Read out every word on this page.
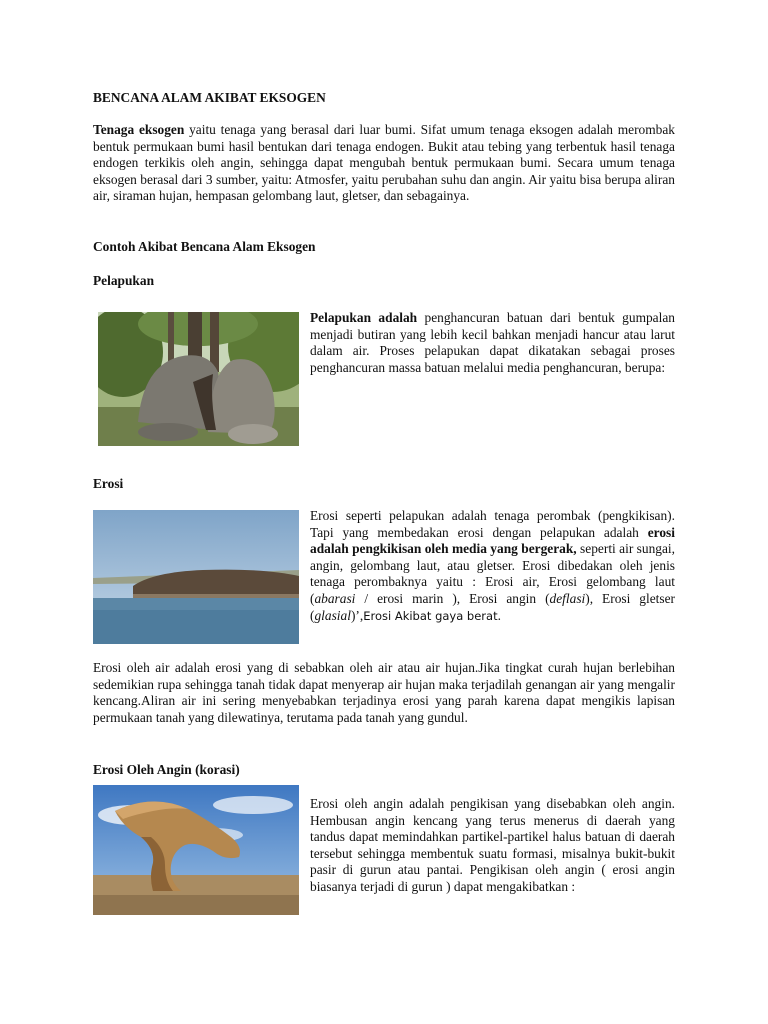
BENCANA ALAM AKIBAT EKSOGEN

Tenaga eksogen yaitu tenaga yang berasal dari luar bumi. Sifat umum tenaga eksogen adalah merombak bentuk permukaan bumi hasil bentukan dari tenaga endogen. Bukit atau tebing yang terbentuk hasil tenaga endogen terkikis oleh angin, sehingga dapat mengubah bentuk permukaan bumi. Secara umum tenaga eksogen berasal dari 3 sumber, yaitu: Atmosfer, yaitu perubahan suhu dan angin. Air yaitu bisa berupa aliran air, siraman hujan, hempasan gelombang laut, gletser, dan sebagainya.

Contoh Akibat Bencana Alam Eksogen
Pelapukan

Pelapukan adalah penghancuran batuan dari bentuk gumpalan menjadi butiran yang lebih kecil bahkan menjadi hancur atau larut dalam air. Proses pelapukan dapat dikatakan sebagai proses penghancuran massa batuan melalui media penghancuran, berupa:

Erosi

Erosi seperti pelapukan adalah tenaga perombak (pengkikisan). Tapi yang membedakan erosi dengan pelapukan adalah erosi adalah pengkikisan oleh media yang bergerak, seperti air sungai, angin, gelombang laut, atau gletser. Erosi dibedakan oleh jenis tenaga perombaknya yaitu : Erosi air, Erosi gelombang laut (abarasi / erosi marin ), Erosi angin (deflasi), Erosi gletser (glasial)’,Erosi Akibat gaya berat.

Erosi oleh air adalah erosi yang di sebabkan oleh air atau air hujan.Jika tingkat curah hujan berlebihan sedemikian rupa sehingga tanah tidak dapat menyerap air hujan maka terjadilah genangan air yang mengalir kencang.Aliran air ini sering menyebabkan terjadinya erosi yang parah karena dapat mengikis lapisan permukaan tanah yang dilewatinya, terutama pada tanah yang gundul.

Erosi Oleh Angin (korasi)

Erosi oleh angin adalah pengikisan yang disebabkan oleh angin. Hembusan angin kencang yang terus menerus di daerah yang tandus dapat memindahkan partikel-partikel halus batuan di daerah tersebut sehingga membentuk suatu formasi, misalnya bukit-bukit pasir di gurun atau pantai. Pengikisan oleh angin ( erosi angin biasanya terjadi di gurun ) dapat mengakibatkan :
